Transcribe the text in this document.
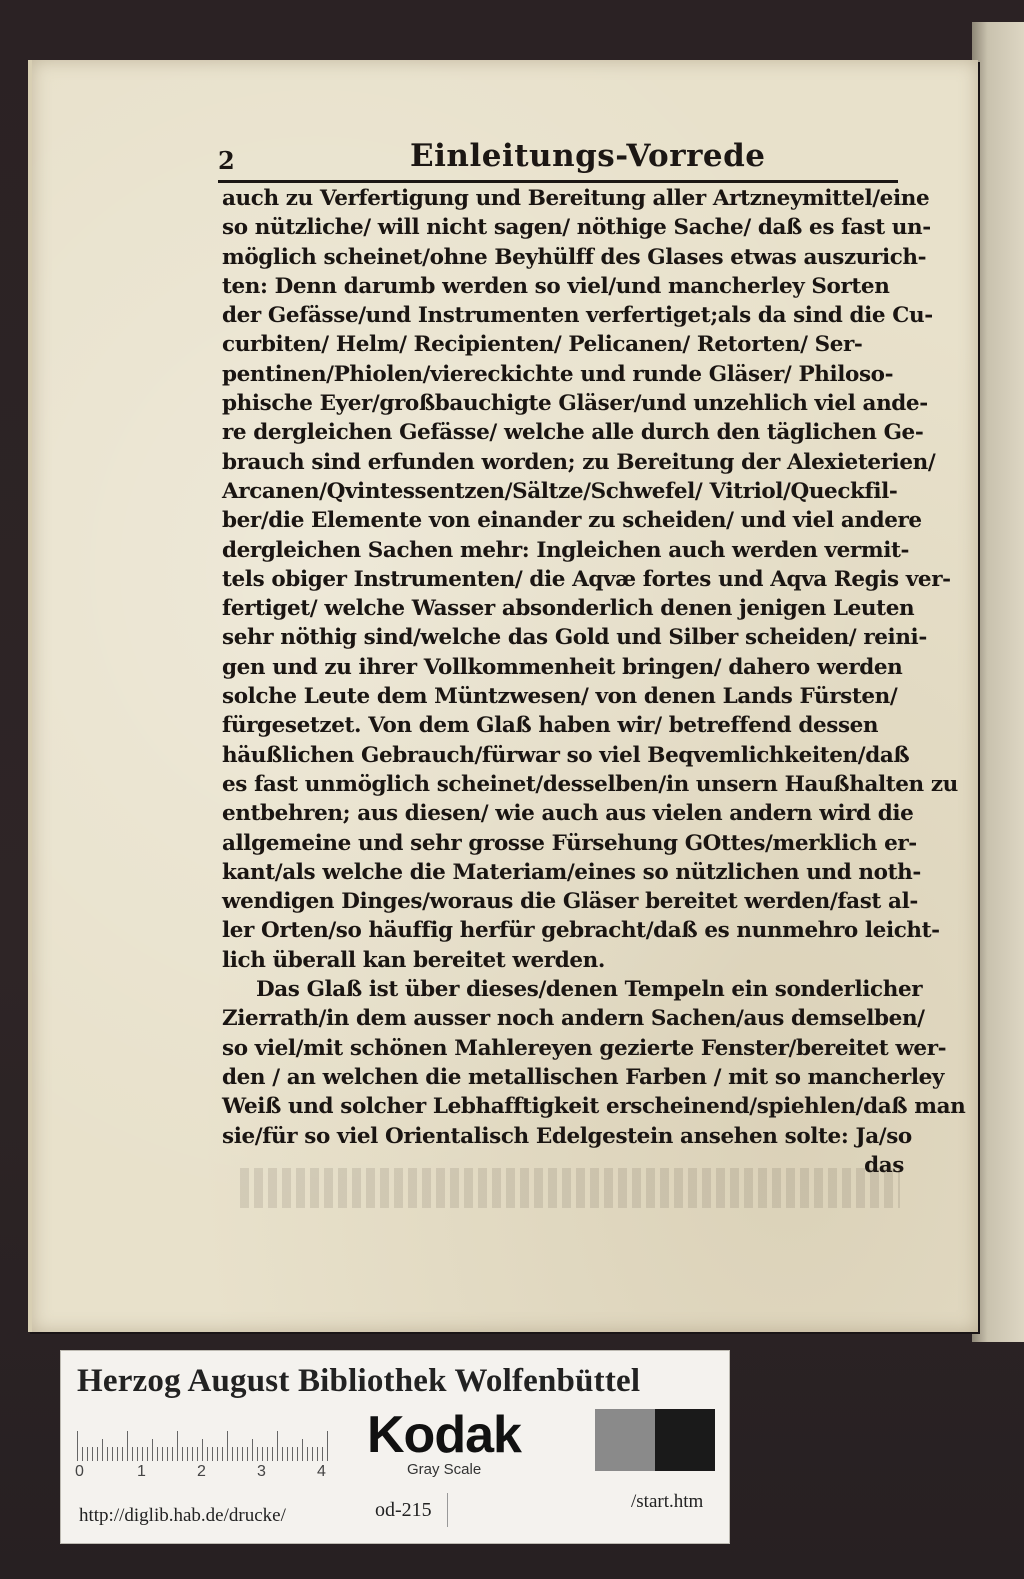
2	Einleitungs-Vorrede
auch zu Verfertigung und Bereitung aller Artzneymittel/eine
so nützliche/ will nicht sagen/ nöthige Sache/ daß es fast un-
möglich scheinet/ohne Beyhülff des Glases etwas auszurich-
ten: Denn darumb werden so viel/und mancherley Sorten
der Gefässe/und Instrumenten verfertiget;als da sind die Cu-
curbiten/ Helm/ Recipienten/ Pelicanen/ Retorten/ Ser-
pentinen/Phiolen/viereckichte und runde Gläser/ Philoso-
phische Eyer/großbauchigte Gläser/und unzehlich viel ande-
re dergleichen Gefässe/ welche alle durch den täglichen Ge-
brauch sind erfunden worden; zu Bereitung der Alexieterien/
Arcanen/Qvintessentzen/Sältze/Schwefel/ Vitriol/Queckfil-
ber/die Elemente von einander zu scheiden/ und viel andere
dergleichen Sachen mehr: Ingleichen auch werden vermit-
tels obiger Instrumenten/ die Aqvæ fortes und Aqva Regis ver-
fertiget/ welche Wasser absonderlich denen jenigen Leuten
sehr nöthig sind/welche das Gold und Silber scheiden/ reini-
gen und zu ihrer Vollkommenheit bringen/ dahero werden
solche Leute dem Müntzwesen/ von denen Lands Fürsten/
fürgesetzet. Von dem Glaß haben wir/ betreffend dessen
häußlichen Gebrauch/fürwar so viel Beqvemlichkeiten/daß
es fast unmöglich scheinet/desselben/in unsern Haußhalten zu
entbehren; aus diesen/ wie auch aus vielen andern wird die
allgemeine und sehr grosse Fürsehung GOttes/merklich er-
kant/als welche die Materiam/eines so nützlichen und noth-
wendigen Dinges/woraus die Gläser bereitet werden/fast al-
ler Orten/so häuffig herfür gebracht/daß es nunmehro leicht-
lich überall kan bereitet werden.
Das Glaß ist über dieses/denen Tempeln ein sonderlicher
Zierrath/in dem ausser noch andern Sachen/aus demselben/
so viel/mit schönen Mahlereyen gezierte Fenster/bereitet wer-
den / an welchen die metallischen Farben / mit so mancherley
Weiß und solcher Lebhafftigkeit erscheinend/spiehlen/daß man
sie/für so viel Orientalisch Edelgestein ansehen solte: Ja/so
das
Herzog August Bibliothek Wolfenbüttel
0	1	2	3	4
Kodak
Gray Scale
http://diglib.hab.de/drucke/	od-215	/start.htm
